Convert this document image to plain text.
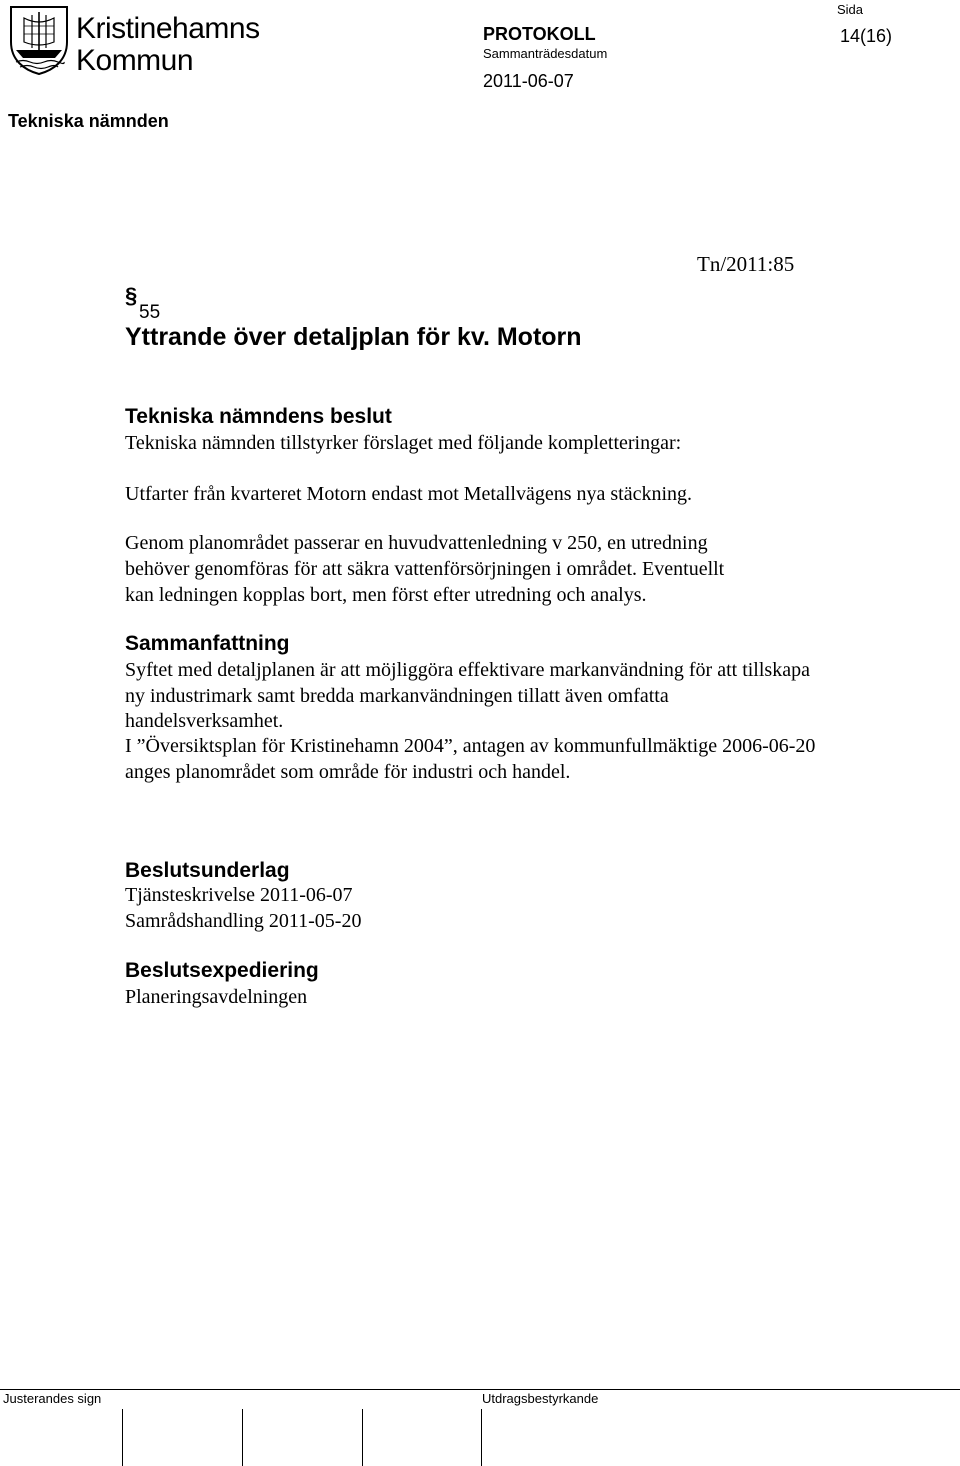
Kristinehamns
Kommun
PROTOKOLL
Sammanträdesdatum
2011-06-07
Sida
14(16)
Tekniska nämnden
Tn/2011:85
§
55
Yttrande över detaljplan för kv. Motorn
Tekniska nämndens beslut
Tekniska nämnden tillstyrker förslaget med följande kompletteringar:
Utfarter från kvarteret Motorn endast mot Metallvägens nya stäckning.
Genom planområdet passerar en huvudvattenledning v 250, en utredning
behöver genomföras för att säkra vattenförsörjningen i området. Eventuellt
kan ledningen kopplas bort, men först efter utredning och analys.
Sammanfattning
Syftet med detaljplanen är att möjliggöra effektivare markanvändning för att tillskapa
ny industrimark samt bredda markanvändningen tillatt även omfatta
handelsverksamhet.
I ”Översiktsplan för Kristinehamn 2004”, antagen av kommunfullmäktige 2006-06-20
anges planområdet som område för industri och handel.
Beslutsunderlag
Tjänsteskrivelse 2011-06-07
Samrådshandling 2011-05-20
Beslutsexpediering
Planeringsavdelningen
Justerandes sign	Utdragsbestyrkande
